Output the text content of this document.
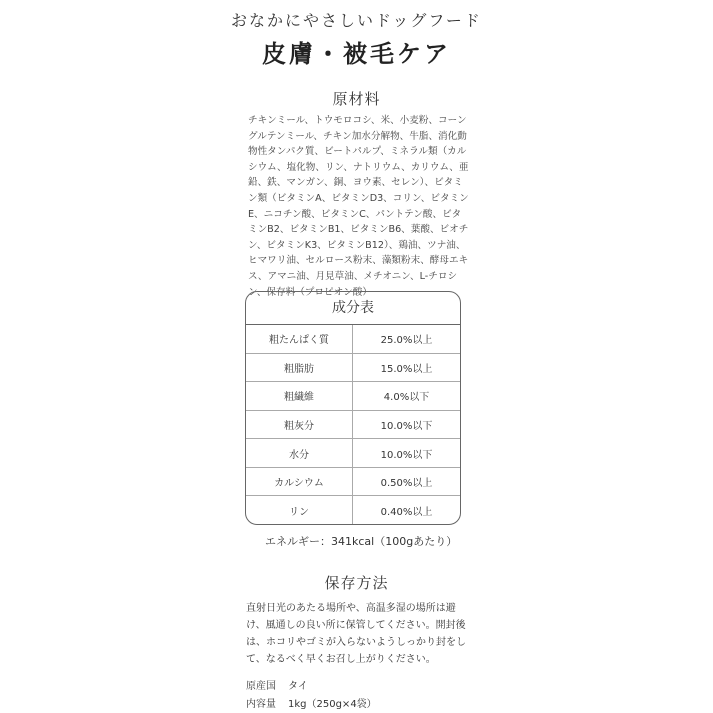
おなかにやさしいドッグフード
皮膚・被毛ケア
原材料

チキンミール、トウモロコシ、米、小麦粉、コーングルテンミール、チキン加水分解物、牛脂、消化動物性タンパク質、ビートパルプ、ミネラル類（カルシウム、塩化物、リン、ナトリウム、カリウム、亜鉛、鉄、マンガン、銅、ヨウ素、セレン）、ビタミン類（ビタミンA、ビタミンD3、コリン、ビタミンE、ニコチン酸、ビタミンC、パントテン酸、ビタミンB2、ビタミンB1、ビタミンB6、葉酸、ビオチン、ビタミンK3、ビタミンB12）、鶏油、ツナ油、ヒマワリ油、セルロース粉末、藻類粉末、酵母エキス、アマニ油、月見草油、メチオニン、L-チロシン、保存料（プロピオン酸）

成分表
粗たんぱく質	25.0%以上
粗脂肪	15.0%以上
粗繊維	4.0%以下
粗灰分	10.0%以下
水分	10.0%以下
カルシウム	0.50%以上
リン	0.40%以上
エネルギー：341kcal（100gあたり）
保存方法

直射日光のあたる場所や、高温多湿の場所は避け、風通しの良い所に保管してください。開封後は、ホコリやゴミが入らないようしっかり封をして、なるべく早くお召し上がりください。

原産国 タイ
内容量 1kg（250g×4袋）
